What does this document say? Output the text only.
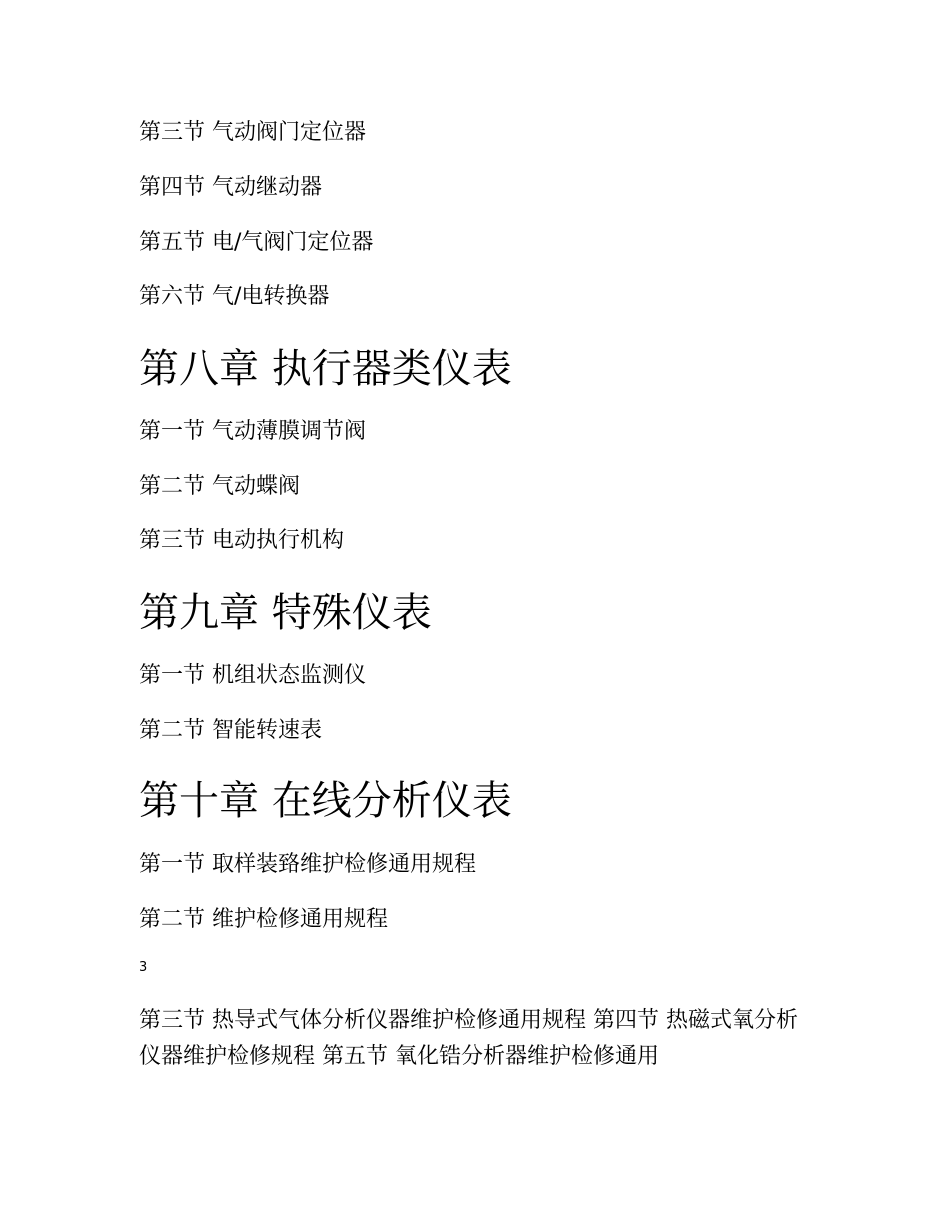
第三节 气动阀门定位器
第四节 气动继动器
第五节 电/气阀门定位器
第六节 气/电转换器
第八章 执行器类仪表
第一节 气动薄膜调节阀
第二节 气动蝶阀
第三节 电动执行机构
第九章 特殊仪表
第一节 机组状态监测仪
第二节 智能转速表
第十章 在线分析仪表
第一节 取样装臵维护检修通用规程
第二节 维护检修通用规程
3
第三节 热导式气体分析仪器维护检修通用规程 第四节 热磁式氧分析仪器维护检修规程 第五节 氧化锆分析器维护检修通用
